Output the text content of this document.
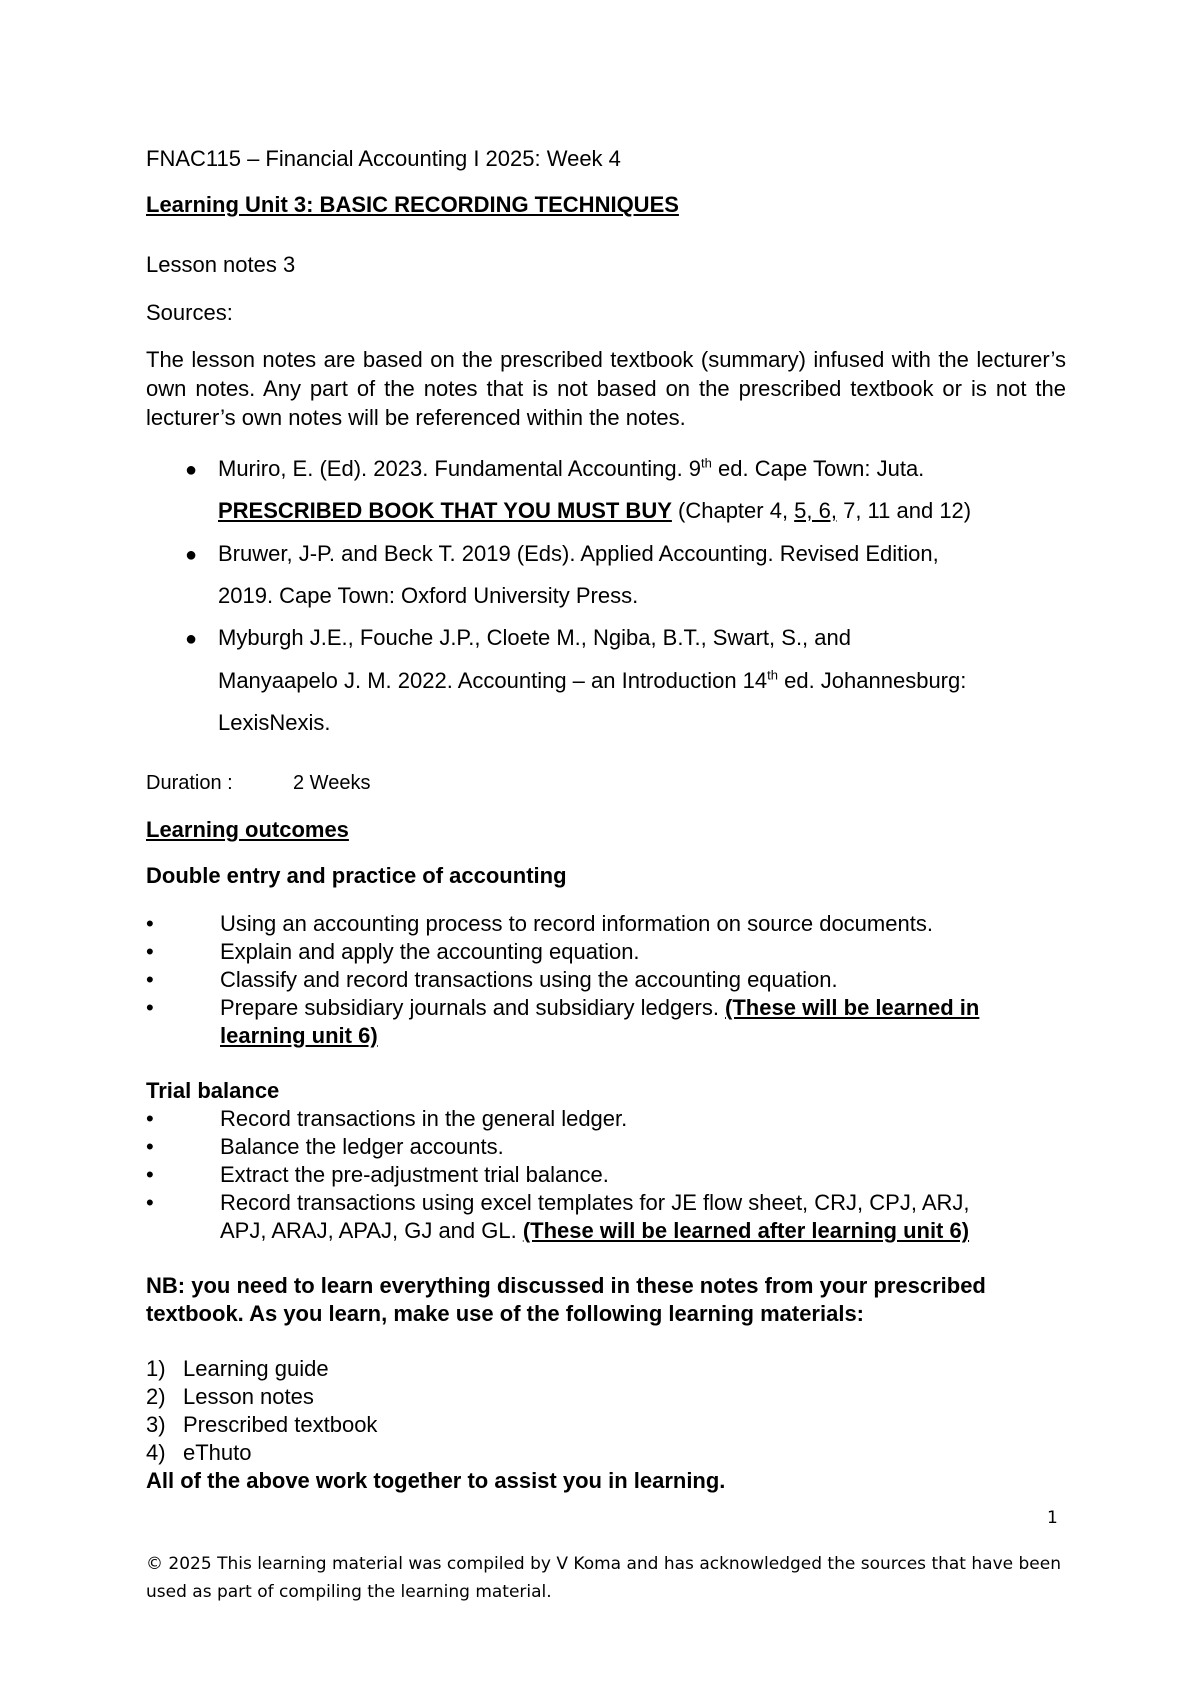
FNAC115 – Financial Accounting I 2025: Week 4
Learning Unit 3: BASIC RECORDING TECHNIQUES
Lesson notes 3
Sources:
The lesson notes are based on the prescribed textbook (summary) infused with the lecturer’s own notes. Any part of the notes that is not based on the prescribed textbook or is not the lecturer’s own notes will be referenced within the notes.
● Muriro, E. (Ed). 2023. Fundamental Accounting. 9th ed. Cape Town: Juta.
PRESCRIBED BOOK THAT YOU MUST BUY (Chapter 4, 5, 6, 7, 11 and 12)
● Bruwer, J-P. and Beck T. 2019 (Eds). Applied Accounting. Revised Edition,
2019. Cape Town: Oxford University Press.
● Myburgh J.E., Fouche J.P., Cloete M., Ngiba, B.T., Swart, S., and
Manyaapelo J. M. 2022. Accounting – an Introduction 14th ed. Johannesburg:
LexisNexis.
Duration :	2 Weeks
Learning outcomes
Double entry and practice of accounting
•	Using an accounting process to record information on source documents.
•	Explain and apply the accounting equation.
•	Classify and record transactions using the accounting equation.
•	Prepare subsidiary journals and subsidiary ledgers. (These will be learned in
learning unit 6)
Trial balance
•	Record transactions in the general ledger.
•	Balance the ledger accounts.
•	Extract the pre-adjustment trial balance.
•	Record transactions using excel templates for JE flow sheet, CRJ, CPJ, ARJ,
APJ, ARAJ, APAJ, GJ and GL. (These will be learned after learning unit 6)
NB: you need to learn everything discussed in these notes from your prescribed
textbook. As you learn, make use of the following learning materials:
1) Learning guide
2) Lesson notes
3) Prescribed textbook
4) eThuto
All of the above work together to assist you in learning.
1
© 2025 This learning material was compiled by V Koma and has acknowledged the sources that have been used as part of compiling the learning material.
